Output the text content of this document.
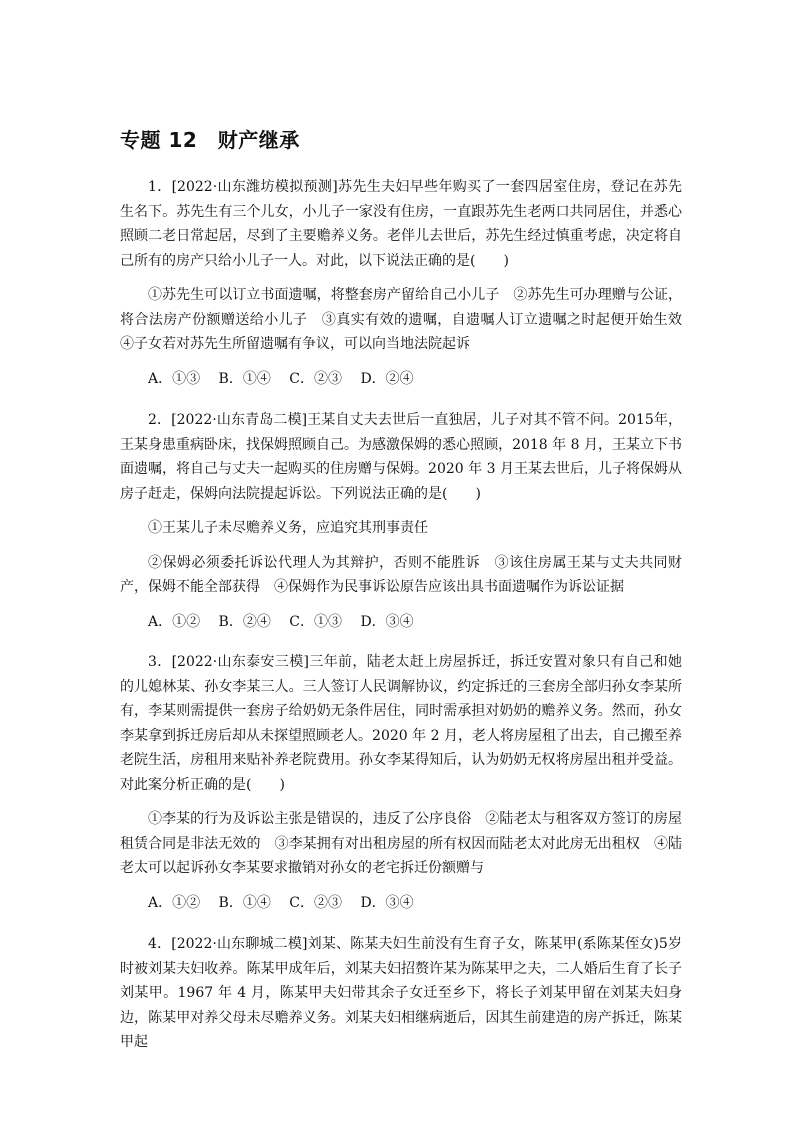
专题 12　财产继承

1．[2022·山东潍坊模拟预测]苏先生夫妇早些年购买了一套四居室住房，登记在苏先生名下。苏先生有三个儿女，小儿子一家没有住房，一直跟苏先生老两口共同居住，并悉心照顾二老日常起居，尽到了主要赡养义务。老伴儿去世后，苏先生经过慎重考虑，决定将自己所有的房产只给小儿子一人。对此，以下说法正确的是(　　)

①苏先生可以订立书面遗嘱，将整套房产留给自己小儿子　②苏先生可办理赠与公证，将合法房产份额赠送给小儿子　③真实有效的遗嘱，自遗嘱人订立遗嘱之时起便开始生效　④子女若对苏先生所留遗嘱有争议，可以向当地法院起诉

A．①③　 B．①④　 C．②③　 D．②④

2．[2022·山东青岛二模]王某自丈夫去世后一直独居，儿子对其不管不问。2015年，王某身患重病卧床，找保姆照顾自己。为感激保姆的悉心照顾，2018 年 8 月，王某立下书面遗嘱，将自己与丈夫一起购买的住房赠与保姆。2020 年 3 月王某去世后，儿子将保姆从房子赶走，保姆向法院提起诉讼。下列说法正确的是(　　)

①王某儿子未尽赡养义务，应追究其刑事责任

②保姆必须委托诉讼代理人为其辩护，否则不能胜诉　③该住房属王某与丈夫共同财产，保姆不能全部获得　④保姆作为民事诉讼原告应该出具书面遗嘱作为诉讼证据

A．①②　 B．②④　 C．①③　 D．③④

3．[2022·山东泰安三模]三年前，陆老太赶上房屋拆迁，拆迁安置对象只有自己和她的儿媳林某、孙女李某三人。三人签订人民调解协议，约定拆迁的三套房全部归孙女李某所有，李某则需提供一套房子给奶奶无条件居住，同时需承担对奶奶的赡养义务。然而，孙女李某拿到拆迁房后却从未探望照顾老人。2020 年 2 月，老人将房屋租了出去，自己搬至养老院生活，房租用来贴补养老院费用。孙女李某得知后，认为奶奶无权将房屋出租并受益。对此案分析正确的是(　　)

①李某的行为及诉讼主张是错误的，违反了公序良俗　②陆老太与租客双方签订的房屋租赁合同是非法无效的　③李某拥有对出租房屋的所有权因而陆老太对此房无出租权　④陆老太可以起诉孙女李某要求撤销对孙女的老宅拆迁份额赠与

A．①②　 B．①④　 C．②③　 D．③④

4．[2022·山东聊城二模]刘某、陈某夫妇生前没有生育子女，陈某甲(系陈某侄女)5岁时被刘某夫妇收养。陈某甲成年后，刘某夫妇招赘许某为陈某甲之夫，二人婚后生育了长子刘某甲。1967 年 4 月，陈某甲夫妇带其余子女迁至乡下，将长子刘某甲留在刘某夫妇身边，陈某甲对养父母未尽赡养义务。刘某夫妇相继病逝后，因其生前建造的房产拆迁，陈某甲起
